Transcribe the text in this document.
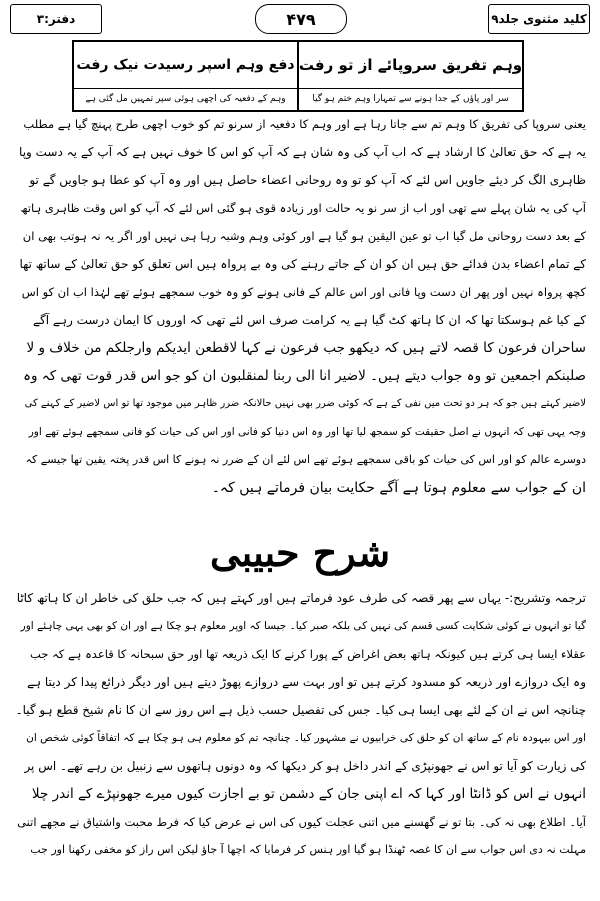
کلید مثنوی جلد۹
۴۷۹
دفتر:۳
وہم تفریق سروپائے از تو رفت
سر اور پاؤں کے جدا ہونے سے تمہارا وہم ختم ہو گیا
دفع وہم اسپر رسیدت نیک رفت
وہم کے دفعیہ کی اچھی ہوئی سپر تمہیں مل گئی ہے
یعنی سروپا کی تفریق کا وہم تم سے جاتا رہا ہے اور وہم کا دفعیہ از سرنو تم کو خوب اچھی طرح پہنچ گیا ہے مطلب
یہ ہے کہ حق تعالیٰ کا ارشاد ہے کہ اب آپ کی وہ شان ہے کہ آپ کو اس کا خوف نہیں ہے کہ آپ کے یہ دست وپا
ظاہری الگ کر دیئے جاویں اس لئے کہ آپ کو تو وہ روحانی اعضاء حاصل ہیں اور وہ آپ کو عطا ہو جاویں گے تو
آپ کی یہ شان پہلے سے تھی اور اب از سر نو یہ حالت اور زیادہ قوی ہو گئی اس لئے کہ آپ کو اس وقت ظاہری ہاتھ
کے بعد دست روحانی مل گیا اب تو عین الیقین ہو گیا ہے اور کوئی وہم وشبہ رہا ہی نہیں اور اگر یہ نہ ہوتب بھی ان
کے تمام اعضاء بدن فدائے حق ہیں ان کو ان کے جاتے رہنے کی وہ بے پرواہ ہیں اس تعلق کو حق تعالیٰ کے ساتھ تھا
کچھ پرواہ نہیں اور پھر ان دست وپا فانی اور اس عالم کے فانی ہونے کو وہ خوب سمجھے ہوئے تھے لہٰذا اب ان کو اس
کے کیا غم ہوسکتا تھا کہ ان کا ہاتھ کٹ گیا ہے یہ کرامت صرف اس لئے تھی کہ اوروں کا ایمان درست رہے آگے
ساحران فرعون کا قصہ لاتے ہیں کہ دیکھو جب فرعون نے کہا لاقطعن ایدیکم وارجلکم من خلاف و لا
صلبنکم اجمعین تو وہ جواب دیتے ہیں۔ لاضیر انا الی ربنا لمنقلبون ان کو جو اس قدر قوت تھی کہ وہ
لاضیر کہتے ہیں جو کہ ہر دو تحت میں نفی کے ہے کہ کوئی ضرر بھی نہیں حالانکہ ضرر ظاہر میں موجود تھا تو اس لاضیر کے کہنے کی
وجہ یہی تھی کہ انہوں نے اصل حقیقت کو سمجھ لیا تھا اور وہ اس دنیا کو فانی اور اس کی حیات کو فانی سمجھے ہوئے تھے اور
دوسرے عالم کو اور اس کی حیات کو باقی سمجھے ہوئے تھے اس لئے ان کے ضرر نہ ہونے کا اس قدر پختہ یقین تھا جیسے کہ
ان کے جواب سے معلوم ہوتا ہے آگے حکایت بیان فرماتے ہیں کہ۔
شرح حبیبی
ترجمہ وتشریح:- یہاں سے پھر قصہ کی طرف عود فرماتے ہیں اور کہتے ہیں کہ جب حلق کی خاطر ان کا ہاتھ کاٹا
گیا تو انہوں نے کوئی شکایت کسی قسم کی نہیں کی بلکہ صبر کیا۔ جیسا کہ اوپر معلوم ہو چکا ہے اور ان کو بھی یہی چاہئے اور
عقلاء ایسا ہی کرتے ہیں کیونکہ ہاتھ بعض اغراض کے پورا کرنے کا ایک ذریعہ تھا اور حق سبحانہ کا قاعدہ ہے کہ جب
وہ ایک دروازے اور ذریعہ کو مسدود کرتے ہیں تو اور بہت سے دروازے پھوڑ دیتے ہیں اور دیگر ذرائع پیدا کر دیتا ہے
چنانچہ اس نے ان کے لئے بھی ایسا ہی کیا۔ جس کی تفصیل حسب ذیل ہے اس روز سے ان کا نام شیخ قطع ہو گیا۔
اور اس بیہودہ نام کے ساتھ ان کو حلق کی خرابیوں نے مشہور کیا۔ چنانچہ تم کو معلوم ہی ہو چکا ہے کہ اتفاقاً کوئی شخص ان
کی زیارت کو آیا تو اس نے جھونپڑی کے اندر داخل ہو کر دیکھا کہ وہ دونوں ہاتھوں سے زنبیل بن رہے تھے۔ اس پر
انہوں نے اس کو ڈانٹا اور کہا کہ اے اپنی جان کے دشمن تو بے اجازت کیوں میرے جھونپڑے کے اندر چلا
آیا۔ اطلاع بھی نہ کی۔ بتا تو نے گھسنے میں اتنی عجلت کیوں کی اس نے عرض کیا کہ فرط محبت واشتیاق نے مجھے اتنی
مہلت نہ دی اس جواب سے ان کا غصہ ٹھنڈا ہو گیا اور ہنس کر فرمایا کہ اچھا آ جاؤ لیکن اس راز کو مخفی رکھنا اور جب
